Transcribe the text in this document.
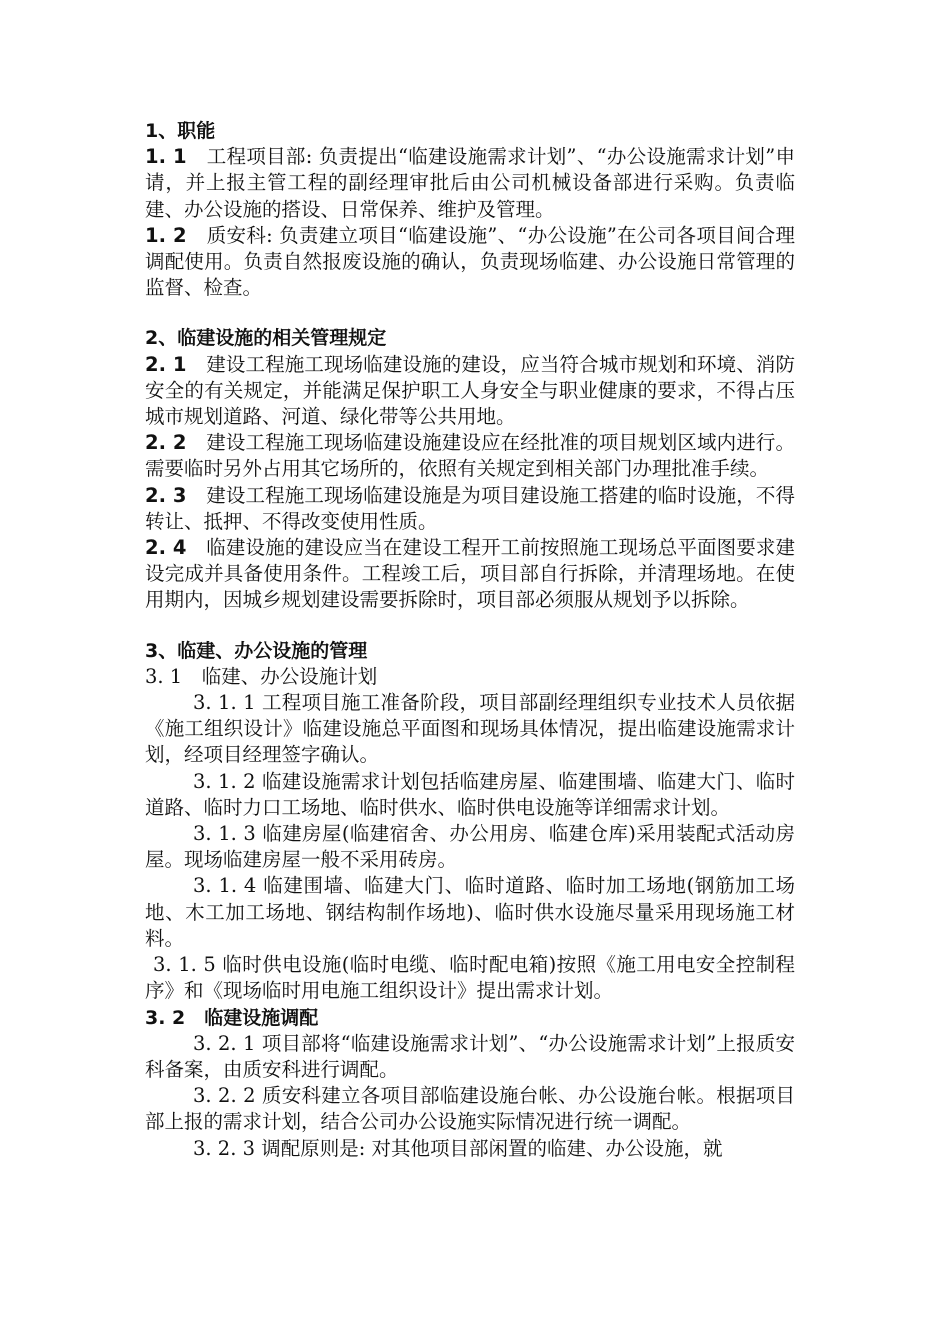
1、职能

1. 1　工程项目部: 负责提出“临建设施需求计划”、“办公设施需求计划”申请，并上报主管工程的副经理审批后由公司机械设备部进行采购。负责临建、办公设施的搭设、日常保养、维护及管理。

1. 2　质安科: 负责建立项目“临建设施”、“办公设施”在公司各项目间合理调配使用。负责自然报废设施的确认，负责现场临建、办公设施日常管理的监督、检查。

2、临建设施的相关管理规定

2. 1　建设工程施工现场临建设施的建设，应当符合城市规划和环境、消防安全的有关规定，并能满足保护职工人身安全与职业健康的要求，不得占压城市规划道路、河道、绿化带等公共用地。

2. 2　建设工程施工现场临建设施建设应在经批准的项目规划区域内进行。需要临时另外占用其它场所的，依照有关规定到相关部门办理批准手续。

2. 3　建设工程施工现场临建设施是为项目建设施工搭建的临时设施，不得转让、抵押、不得改变使用性质。

2. 4　临建设施的建设应当在建设工程开工前按照施工现场总平面图要求建设完成并具备使用条件。工程竣工后，项目部自行拆除，并清理场地。在使用期内，因城乡规划建设需要拆除时，项目部必须服从规划予以拆除。

3、临建、办公设施的管理

3. 1　临建、办公设施计划

3. 1. 1 工程项目施工准备阶段，项目部副经理组织专业技术人员依据《施工组织设计》临建设施总平面图和现场具体情况，提出临建设施需求计划，经项目经理签字确认。

3. 1. 2 临建设施需求计划包括临建房屋、临建围墙、临建大门、临时道路、临时力口工场地、临时供水、临时供电设施等详细需求计划。

3. 1. 3 临建房屋(临建宿舍、办公用房、临建仓库)采用装配式活动房屋。现场临建房屋一般不采用砖房。

3. 1. 4 临建围墙、临建大门、临时道路、临时加工场地(钢筋加工场地、木工加工场地、钢结构制作场地)、临时供水设施尽量采用现场施工材料。

3. 1. 5 临时供电设施(临时电缆、临时配电箱)按照《施工用电安全控制程序》和《现场临时用电施工组织设计》提出需求计划。

3. 2　临建设施调配

3. 2. 1 项目部将“临建设施需求计划”、“办公设施需求计划”上报质安科备案，由质安科进行调配。

3. 2. 2 质安科建立各项目部临建设施台帐、办公设施台帐。根据项目部上报的需求计划，结合公司办公设施实际情况进行统一调配。

3. 2. 3 调配原则是: 对其他项目部闲置的临建、办公设施，就
